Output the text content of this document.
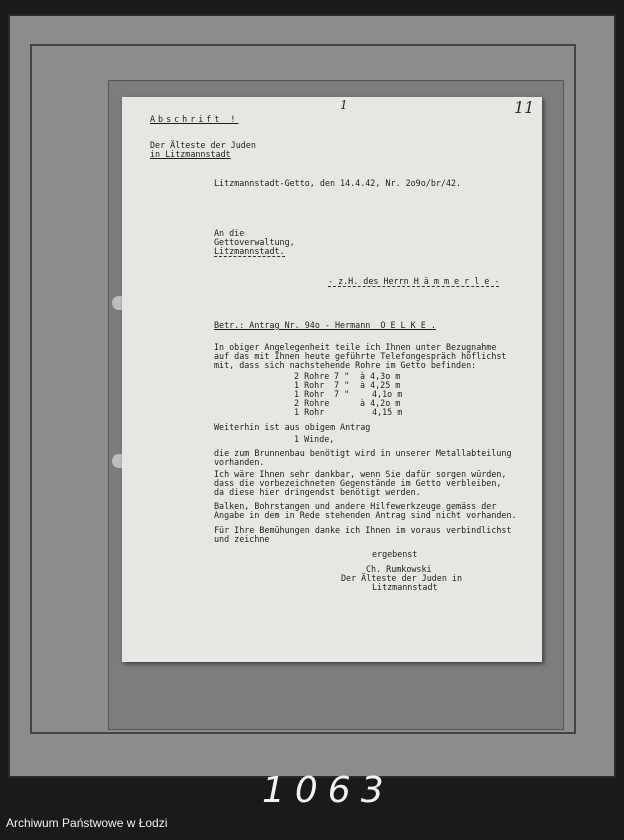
11
1
Abschrift !
Der Älteste der Juden
in Litzmannstadt
Litzmannstadt-Getto, den 14.4.42, Nr. 2o9o/br/42.
An die
Gettoverwaltung,
Litzmannstadt.
- z.H. des Herrn H ä m m e r l e -
Betr.: Antrag Nr. 94o - Hermann  O E L K E .
In obiger Angelegenheit teile ich Ihnen unter Bezugnahme
auf das mit Ihnen heute geführte Telefongespräch höflichst
mit, dass sich nachstehende Rohre im Getto befinden:
2 Rohre 7 " à 4,3o m
1 Rohr 7 " à 4,25 m
1 Rohr 7 "	4,1o m
2 Rohre	à 4,2o m
1 Rohr	4,15 m
Weiterhin ist aus obigem Antrag
1 Winde,
die zum Brunnenbau benötigt wird in unserer Metallabteilung
vorhanden.
Ich wäre Ihnen sehr dankbar, wenn Sie dafür sorgen würden,
dass die vorbezeichneten Gegenstände im Getto verbleiben,
da diese hier dringendst benötigt werden.
Balken, Bohrstangen und andere Hilfewerkzeuge gemäss der
Angabe in dem in Rede stehenden Antrag sind nicht vorhanden.
Für Ihre Bemühungen danke ich Ihnen im voraus verbindlichst
und zeichne
ergebenst
Ch. Rumkowski
Der Älteste der Juden in
Litzmannstadt
1063
Archiwum Państwowe w Łodzi
